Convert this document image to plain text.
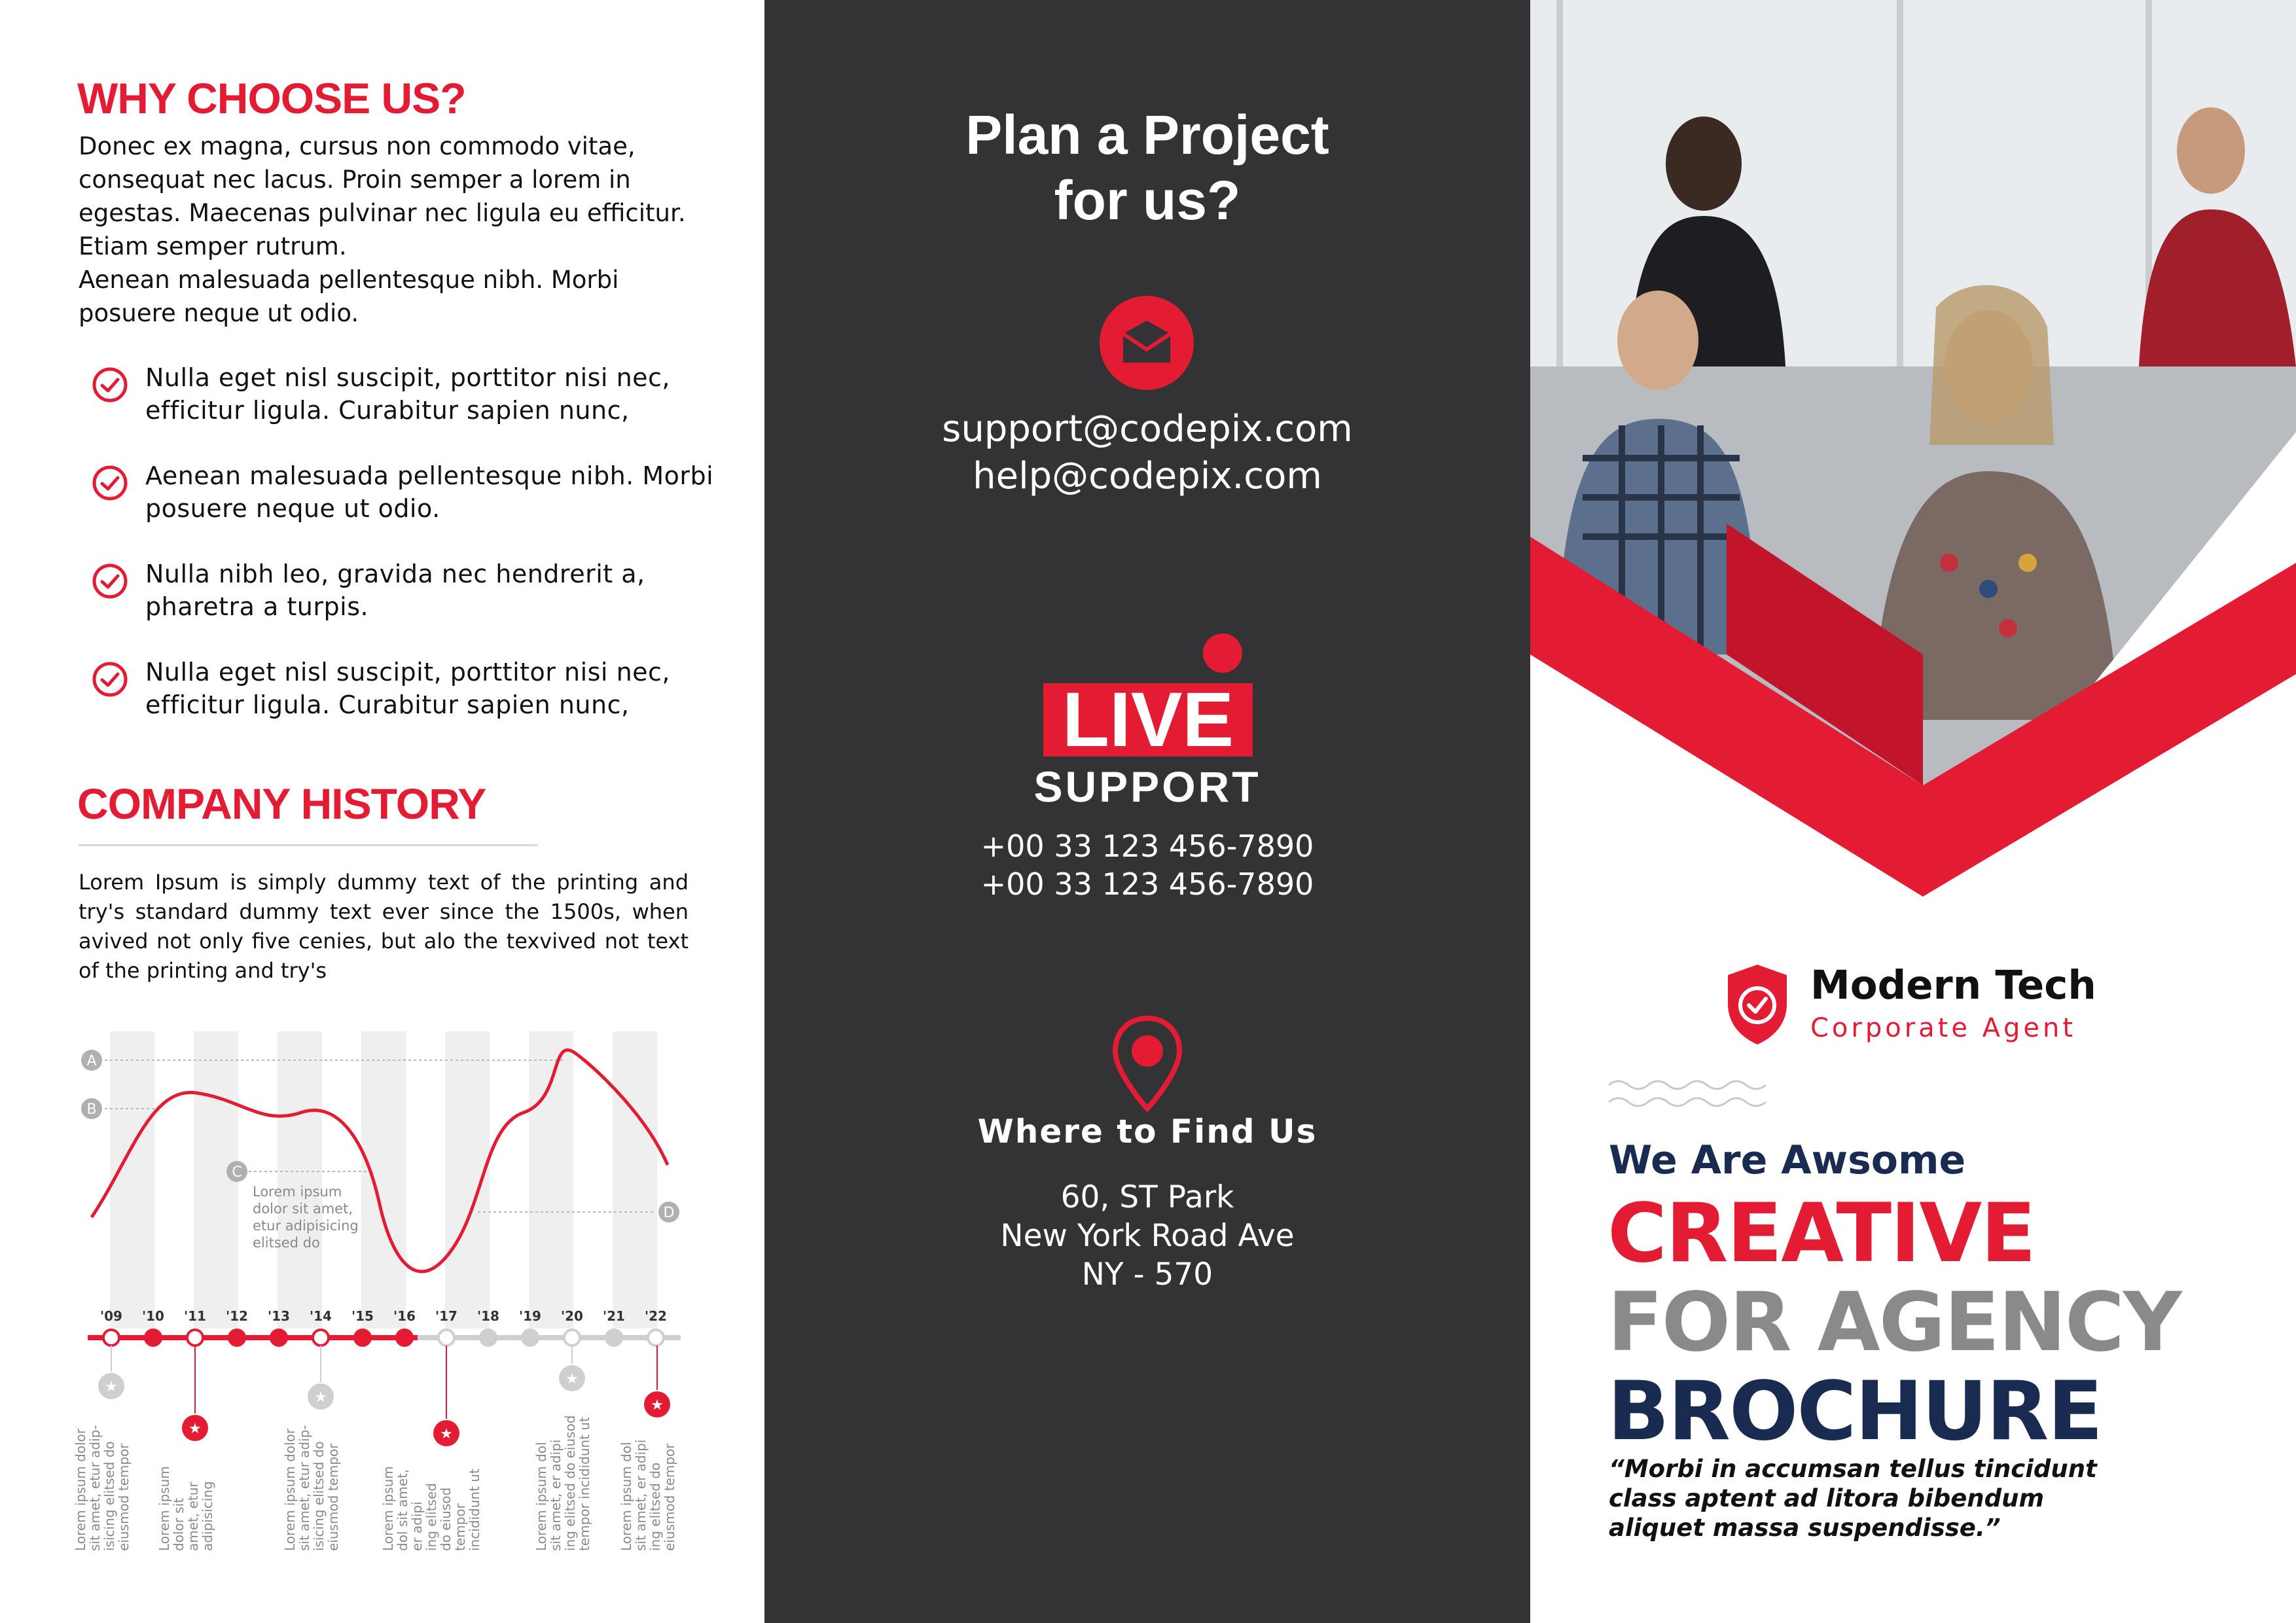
WHY CHOOSE US?

Donec ex magna, cursus non commodo vitae, consequat nec lacus. Proin semper a lorem in egestas. Maecenas pulvinar nec ligula eu efficitur. Etiam semper rutrum.

Aenean malesuada pellentesque nibh. Morbi posuere neque ut odio.

Nulla eget nisl suscipit, porttitor nisi nec, efficitur ligula. Curabitur sapien nunc,
Aenean malesuada pellentesque nibh. Morbi posuere neque ut odio.
Nulla nibh leo, gravida nec hendrerit a, pharetra a turpis.
Nulla eget nisl suscipit, porttitor nisi nec, efficitur ligula. Curabitur sapien nunc,
COMPANY HISTORY
Lorem Ipsum is simply dummy text of the printing and try's standard dummy text ever since the 1500s, when avived not only five cenies, but alo the texvived not text of the printing and try's
A
B
C
D
Lorem ipsum
dolor sit amet,
etur adipisicing
elitsed do
'09 '10 '11 '12 '13 '14 '15 '16 '17 '18 '19 '20 '21 '22
★
Lorem ipsum dolor
sit amet, etur adip-
isicing elitsed do
eiusmod tempor
★
Lorem ipsum
dolor sit
amet, etur
adipisicing
★
Lorem ipsum dolor
sit amet, etur adip-
isicing elitsed do
eiusmod tempor
★
Lorem ipsum
dol sit amet,
er adipi
ing elitsed
do eiusod
tempor
incididunt ut
★
Lorem ipsum dol
sit amet, er adipi
ing elitsed do eiusod
tempor incididunt ut
★
Lorem ipsum dol
sit amet, er adipi
ing elitsed do
eiusmod tempor
Plan a Project
for us?
support@codepix.com
help@codepix.com
LIVE
SUPPORT
+00 33 123 456-7890
+00 33 123 456-7890
Where to Find Us
60, ST Park
New York Road Ave
NY - 570
Modern Tech
Corporate Agent
We Are Awsome
CREATIVE
FOR AGENCY
BROCHURE
“Morbi in accumsan tellus tincidunt
class aptent ad litora bibendum
aliquet massa suspendisse.”
